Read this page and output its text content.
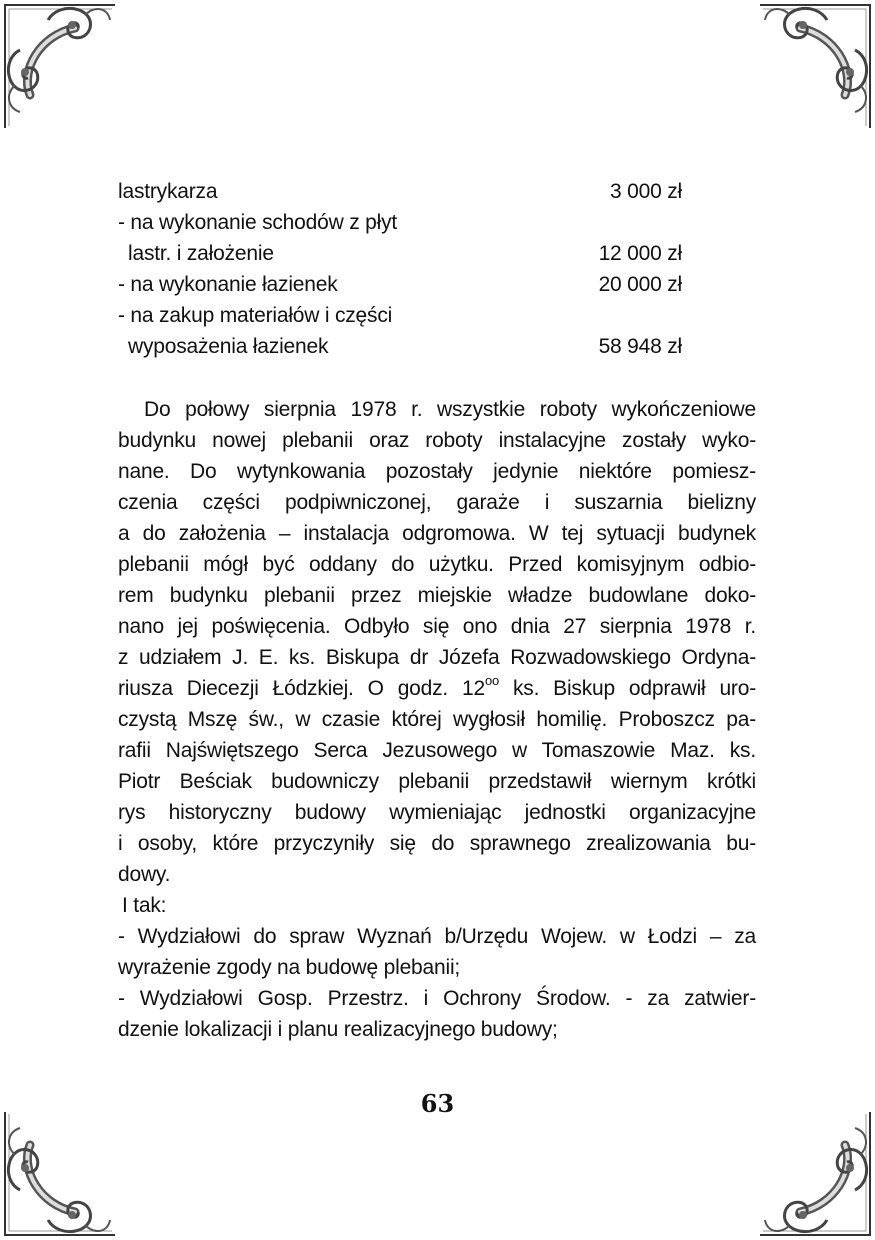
lastrykarza	3 000 zł
- na wykonanie schodów z płyt
lastr. i założenie	12 000 zł
- na wykonanie łazienek	20 000 zł
- na zakup materiałów i części
wyposażenia łazienek	58 948 zł
Do połowy sierpnia 1978 r. wszystkie roboty wykończeniowe
budynku nowej plebanii oraz roboty instalacyjne zostały wyko-
nane. Do wytynkowania pozostały jedynie niektóre pomiesz-
czenia części podpiwniczonej, garaże i suszarnia bielizny
a do założenia – instalacja odgromowa. W tej sytuacji budynek
plebanii mógł być oddany do użytku. Przed komisyjnym odbio-
rem budynku plebanii przez miejskie władze budowlane doko-
nano jej poświęcenia. Odbyło się ono dnia 27 sierpnia 1978 r.
z udziałem J. E. ks. Biskupa dr Józefa Rozwadowskiego Ordyna-
riusza Diecezji Łódzkiej. O godz. $12^{oo}$ ks. Biskup odprawił uro-
czystą Mszę św., w czasie której wygłosił homilię. Proboszcz pa-
rafii Najświętszego Serca Jezusowego w Tomaszowie Maz. ks.
Piotr Beściak budowniczy plebanii przedstawił wiernym krótki
rys historyczny budowy wymieniając jednostki organizacyjne
i osoby, które przyczyniły się do sprawnego zrealizowania bu-
dowy.
I tak:
- Wydziałowi do spraw Wyznań b/Urzędu Wojew. w Łodzi – za
wyrażenie zgody na budowę plebanii;
- Wydziałowi Gosp. Przestrz. i Ochrony Środow. - za zatwier-
dzenie lokalizacji i planu realizacyjnego budowy;
63
